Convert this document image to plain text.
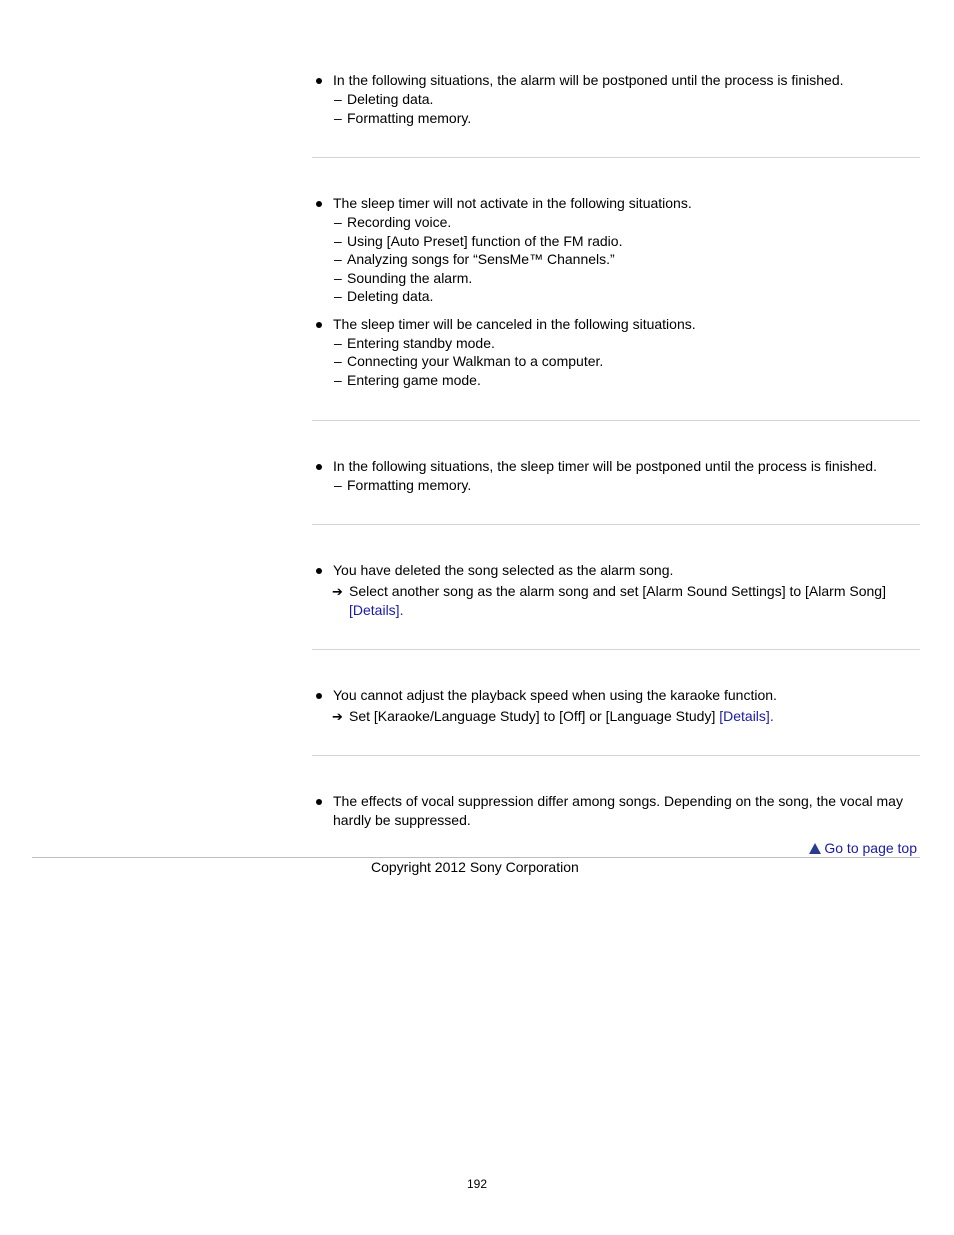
In the following situations, the alarm will be postponed until the process is finished.
– Deleting data.
– Formatting memory.
The sleep timer will not activate in the following situations.
– Recording voice.
– Using [Auto Preset] function of the FM radio.
– Analyzing songs for “SensMe™ Channels.”
– Sounding the alarm.
– Deleting data.
The sleep timer will be canceled in the following situations.
– Entering standby mode.
– Connecting your Walkman to a computer.
– Entering game mode.
In the following situations, the sleep timer will be postponed until the process is finished.
– Formatting memory.
You have deleted the song selected as the alarm song.
➔ Select another song as the alarm song and set [Alarm Sound Settings] to [Alarm Song] [Details].
You cannot adjust the playback speed when using the karaoke function.
➔ Set [Karaoke/Language Study] to [Off] or [Language Study] [Details].
The effects of vocal suppression differ among songs. Depending on the song, the vocal may hardly be suppressed.
Go to page top
Copyright 2012 Sony Corporation
192
